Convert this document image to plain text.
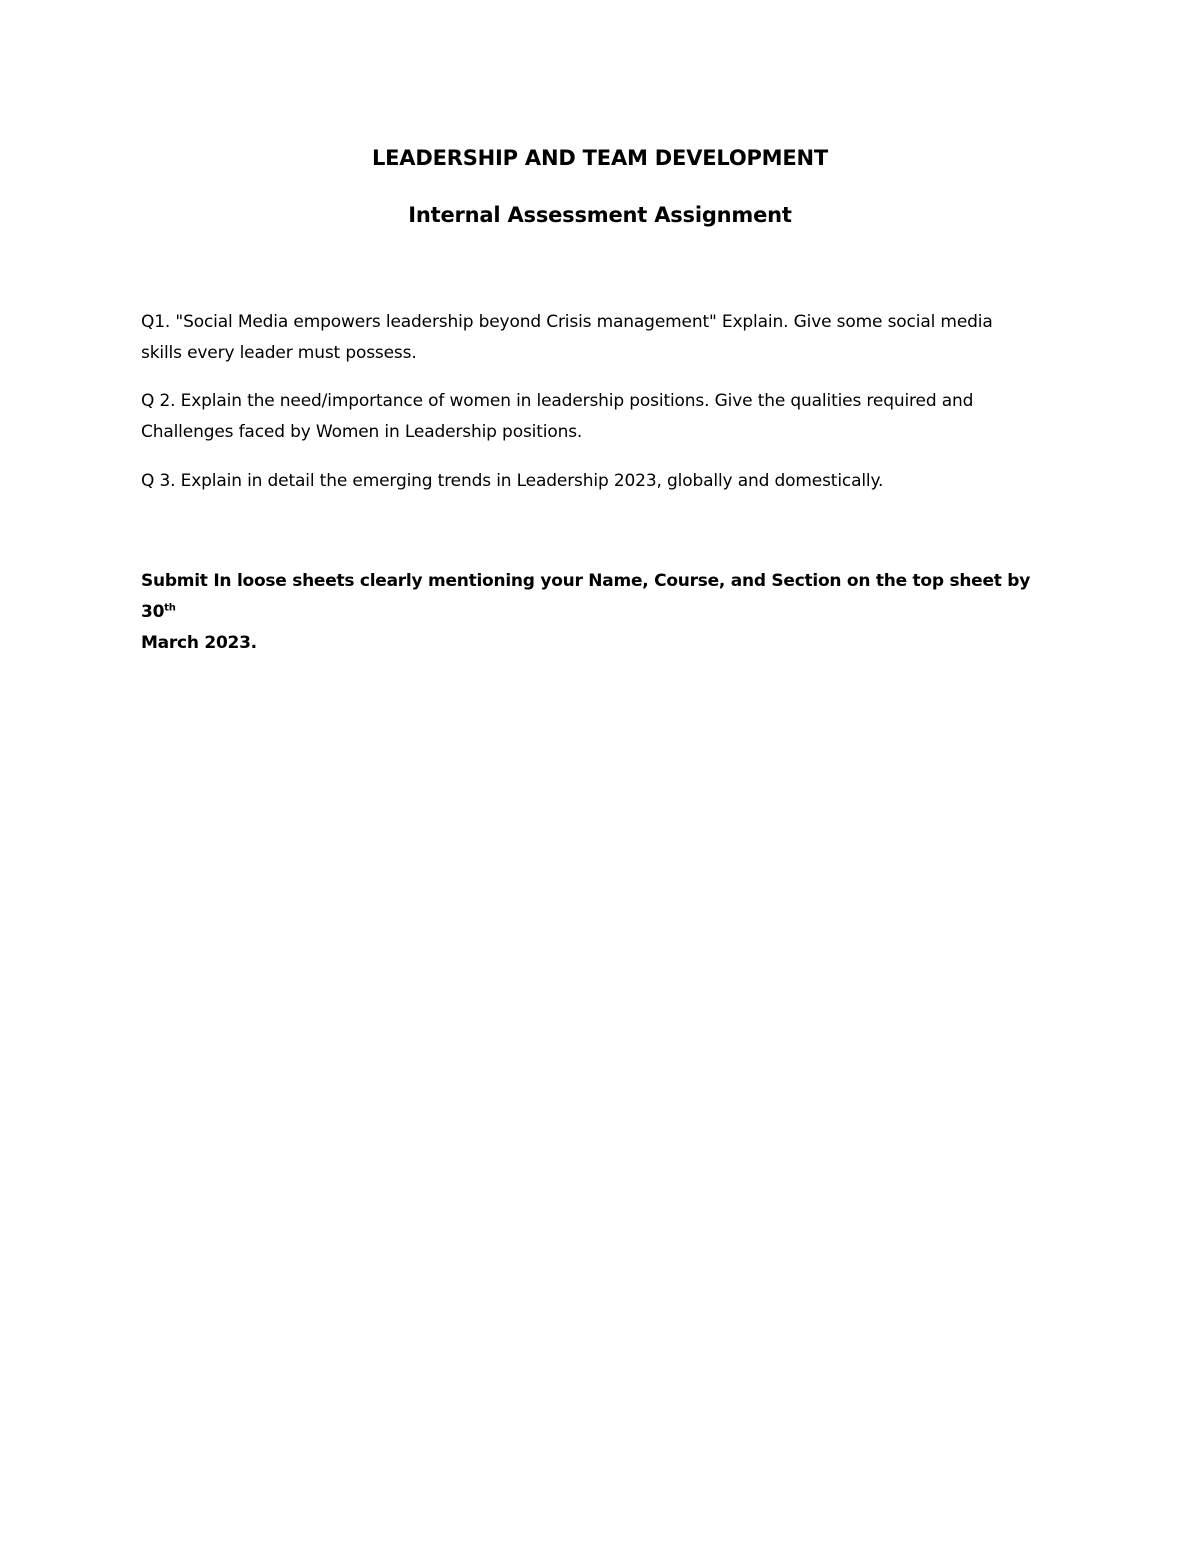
LEADERSHIP AND TEAM DEVELOPMENT
Internal Assessment Assignment

Q1. "Social Media empowers leadership beyond Crisis management" Explain. Give some social media
skills every leader must possess.

Q 2. Explain the need/importance of women in leadership positions. Give the qualities required and
Challenges faced by Women in Leadership positions.

Q 3. Explain in detail the emerging trends in Leadership 2023, globally and domestically.

Submit In loose sheets clearly mentioning your Name, Course, and Section on the top sheet by 30th
March 2023.
